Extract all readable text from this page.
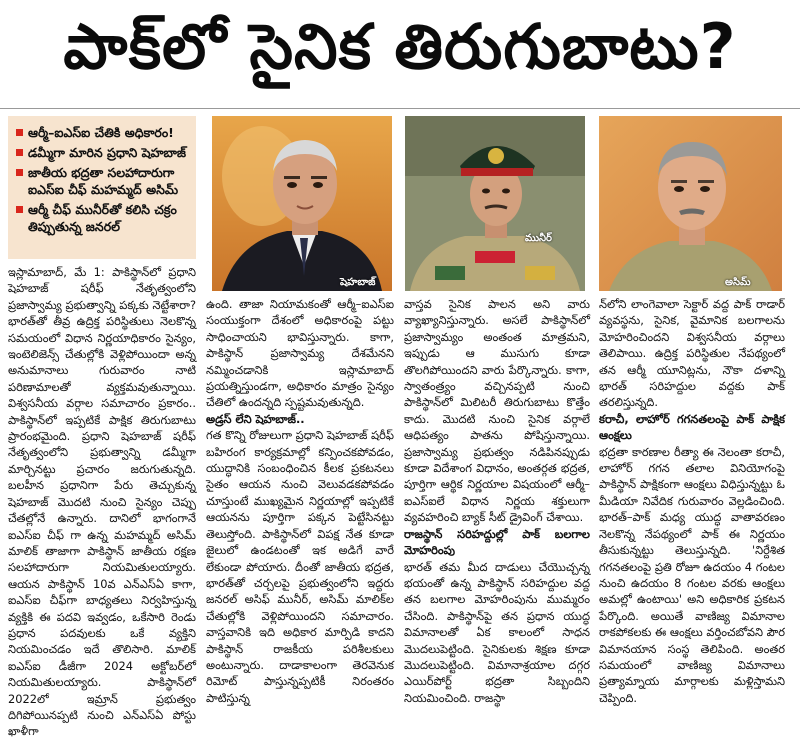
పాక్‌లో సైనిక తిరుగుబాటు?
ఆర్మీ–ఐఎస్ఐ చేతికి అధికారం!
డమ్మీగా మారిన ప్రధాని షెహబాజ్
జాతీయ భద్రతా సలహాదారుగా ఐఎస్ఐ చీఫ్ మహమ్మద్ అసిమ్
ఆర్మీ చీఫ్ మునీర్‌తో కలిసి చక్రం తిప్పుతున్న జనరల్
షెహబాజ్
మునీర్
అసిమ్

ఇస్లామాబాద్, మే 1: పాకిస్థాన్‌లో ప్రధాని షెహబాజ్ షరీఫ్ నేతృత్వంలోని ప్రజాస్వామ్య ప్రభుత్వాన్ని పక్కకు నెట్టేశారా? భారత్‌తో తీవ్ర ఉద్రిక్త పరిస్థితులు నెలకొన్న సమయంలో విధాన నిర్ణయాధికారం సైన్యం, ఇంటెలిజెన్స్ చేతుల్లోకి వెళ్లిపోయిందా అన్న అనుమానాలు గురువారం నాటి పరిణామాలతో వ్యక్తమవుతున్నాయి. విశ్వసనీయ వర్గాల సమాచారం ప్రకారం.. పాకిస్థాన్‌లో ఇప్పటికే పాక్షిక తిరుగుబాటు ప్రారంభమైంది. ప్రధాని షెహబాజ్ షరీఫ్ నేతృత్వంలోని ప్రభుత్వాన్ని డమ్మీగా మార్చినట్టు ప్రచారం జరుగుతున్నది. బలహీన ప్రధానిగా పేరు తెచ్చుకున్న షెహబాజ్ మొదటి నుంచి సైన్యం చెప్పు చేతల్లోనే ఉన్నారు. దానిలో భాగంగానే ఐఎస్ఐ చీఫ్ గా ఉన్న మహమ్మద్ అసిమ్ మాలిక్ తాజాగా పాకిస్థాన్ జాతీయ రక్షణ సలహాదారుగా నియమితులయ్యారు. ఆయన పాకిస్థాన్ 10వ ఎన్ఎస్ఏ కాగా, ఐఎస్ఐ చీఫ్‌గా బాధ్యతలు నిర్వహిస్తున్న వ్యక్తికి ఈ పదవి ఇవ్వడం, ఒకేసారి రెండు ప్రధాన పదవులకు ఒకే వ్యక్తిని నియమించడం ఇదే తొలిసారి. మాలిక్ ఐఎస్ఐ డీజీగా 2024 అక్టోబర్‌లో నియమితులయ్యారు. పాకిస్థాన్‌లో 2022లో ఇమ్రాన్ ప్రభుత్వం దిగిపోయినప్పటి నుంచి ఎన్ఎస్ఏ పోస్టు ఖాళీగా

ఉంది. తాజా నియామకంతో ఆర్మీ–ఐఎస్ఐ సంయుక్తంగా దేశంలో అధికారంపై పట్టు సాధించాయని భావిస్తున్నారు. కాగా, పాకిస్థాన్ ప్రజాస్వామ్య దేశమేనని నమ్మించడానికి ఇస్లామాబాద్ ప్రయత్నిస్తుండగా, అధికారం మాత్రం సైన్యం చేతిలో ఉందన్నది స్పష్టమవుతున్నది.

అడ్రస్ లేని షెహబాజ్..

గత కొన్ని రోజులుగా ప్రధాని షెహబాజ్ షరీఫ్ బహిరంగ కార్యక్రమాల్లో కన్పించకపోవడం, యుద్ధానికి సంబంధించిన కీలక ప్రకటనలు సైతం ఆయన నుంచి వెలువడకపోవడం చూస్తుంటే ముఖ్యమైన నిర్ణయాల్లో ఇప్పటికే ఆయనను పూర్తిగా పక్కన పెట్టేసినట్టు తెలుస్తోంది. పాకిస్థాన్‌లో విపక్ష నేత కూడా జైలులో ఉండటంతో ఇక అడిగే వారే లేకుండా పోయారు. దీంతో జాతీయ భద్రత, భారత్‌తో చర్చలపై ప్రభుత్వంలోని ఇద్దరు జనరల్ అసిఫ్ మునీర్, అసిమ్ మాలిక్‌ల చేతుల్లోకి వెళ్లిపోయిందని సమాచారం. వాస్తవానికి ఇది అధికార మార్పిడి కాదని పాకిస్థాన్ రాజకీయ పరిశీలకులు అంటున్నారు. దాడాకాలంగా తెరవెనుక రిమోట్ పాస్తున్నప్పటికీ నిరంతరం పాటిస్తున్న

వాస్తవ సైనిక పాలన అని వారు వ్యాఖ్యానిస్తున్నారు. అసలే పాకిస్థాన్‌లో ప్రజాస్వామ్యం అంతంత మాత్రమని, ఇప్పుడు ఆ ముసుగు కూడా తొలగిపోయిందని వారు పేర్కొన్నారు. కాగా, స్వాతంత్ర్యం వచ్చినప్పటి నుంచి పాకిస్థాన్‌లో మిలిటరీ తిరుగుబాటు కొత్తేం కాదు. మొదటి నుంచి సైనిక వర్గాలే ఆధిపత్యం పాతను పోషిస్తున్నాయి. ప్రజాస్వామ్య ప్రభుత్వం నడిపినప్పుడు కూడా విదేశాంగ విధానం, అంతర్గత భద్రత, పూర్తిగా ఆర్థిక నిర్ణయాల విషయంలో ఆర్మీ–ఐఎస్ఐలే విధాన నిర్ణయ శక్తులుగా వ్యవహరించి బ్యాక్ సీట్ డ్రైవింగ్ చేశాయి.

రాజస్థాన్ సరిహద్దుల్లో పాక్ బలగాల మోహరింపు

భారత్ తమ మీద దాడులు చేయొచ్చన్న భయంతో ఉన్న పాకిస్థాన్ సరిహద్దుల వద్ద తన బలగాల మోహరింపును ముమ్మరం చేసింది. పాకిస్థాన్‌పై తన ప్రధాన యుద్ధ విమానాలతో ఏక కాలంలో సాధన మొదలుపెట్టింది. సైనికులకు శిక్షణ కూడా మొదలుపెట్టింది. విమానాశ్రయాల దగ్గర ఎయిర్‌పోర్ట్ భద్రతా సిబ్బందిని నియమించింది. రాజస్థా

న్‌లోని లాంగెవాలా సెక్టార్ వద్ద పాక్ రాడార్ వ్యవస్థను, సైనిక, వైమానిక బలగాలను మోహరించిందని విశ్వసనీయ వర్గాలు తెలిపాయి. ఉద్రిక్త పరిస్థితుల నేపథ్యంలో తన ఆర్మీ యూనిట్లను, నౌకా దళాన్ని భారత్ సరిహద్దుల వద్దకు పాక్ తరలిస్తున్నది.

కరాచీ, లాహోర్ గగనతలంపై పాక్ పాక్షిక ఆంక్షలు

భద్రతా కారణాల రీత్యా ఈ నెలంతా కరాచీ, లాహోర్ గగన తలాల వినియోగంపై పాకిస్థాన్ పాక్షికంగా ఆంక్షలు విధిస్తున్నట్టు ఓ మీడియా నివేదిక గురువారం వెల్లడించింది. భారత్–పాక్ మధ్య యుద్ధ వాతావరణం నెలకొన్న నేపథ్యంలో పాక్ ఈ నిర్ణయం తీసుకున్నట్టు తెలుస్తున్నది. 'నిర్దేశిత గగనతలంపై ప్రతి రోజూ ఉదయం 4 గంటల నుంచి ఉదయం 8 గంటల వరకు ఆంక్షలు అమల్లో ఉంటాయి' అని అధికారిక ప్రకటన పేర్కొంది. అయితే వాణిజ్య విమానాల రాకపోకలకు ఈ ఆంక్షలు వర్తించబోవని పౌర విమానయాన సంస్థ తెలిపింది. అంతర సమయంలో వాణిజ్య విమానాలు ప్రత్యామ్నాయ మార్గాలకు మళ్లిస్తామని చెప్పింది.
